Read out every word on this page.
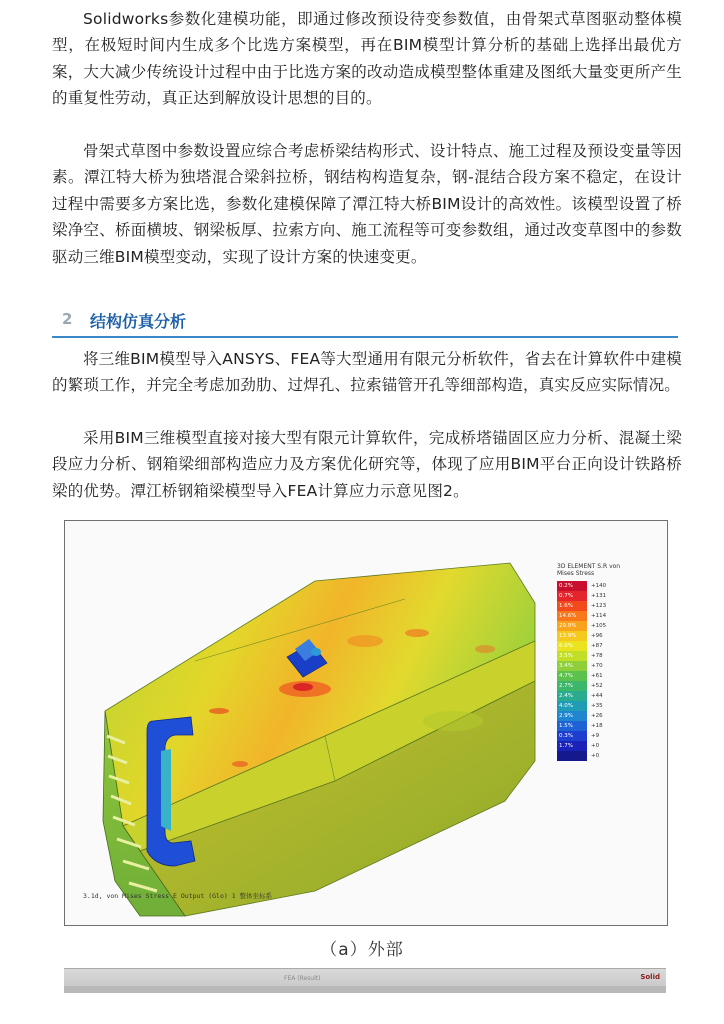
Solidworks参数化建模功能，即通过修改预设待变参数值，由骨架式草图驱动整体模型，在极短时间内生成多个比选方案模型，再在BIM模型计算分析的基础上选择出最优方案，大大减少传统设计过程中由于比选方案的改动造成模型整体重建及图纸大量变更所产生的重复性劳动，真正达到解放设计思想的目的。

骨架式草图中参数设置应综合考虑桥梁结构形式、设计特点、施工过程及预设变量等因素。潭江特大桥为独塔混合梁斜拉桥，钢结构构造复杂，钢-混结合段方案不稳定，在设计过程中需要多方案比选，参数化建模保障了潭江特大桥BIM设计的高效性。该模型设置了桥梁净空、桥面横坡、钢梁板厚、拉索方向、施工流程等可变参数组，通过改变草图中的参数驱动三维BIM模型变动，实现了设计方案的快速变更。

2 结构仿真分析

将三维BIM模型导入ANSYS、FEA等大型通用有限元分析软件，省去在计算软件中建模的繁琐工作，并完全考虑加劲肋、过焊孔、拉索锚管开孔等细部构造，真实反应实际情况。

采用BIM三维模型直接对接大型有限元计算软件，完成桥塔锚固区应力分析、混凝土梁段应力分析、钢箱梁细部构造应力及方案优化研究等，体现了应用BIM平台正向设计铁路桥梁的优势。潭江桥钢箱梁模型导入FEA计算应力示意见图2。

3D ELEMENT S.R von Mises Stress
0.2%	+140
0.7%	+131
1.6%	+123
14.6%	+114
29.9%	+105
13.9%	+96
6.0%	+87
3.5%	+78
3.4%	+70
4.7%	+61
2.7%	+52
2.4%	+44
4.0%	+35
2.9%	+26
1.5%	+18
0.3%	+9
1.7%	+0
+0
3.1d, von Mises Stress E Output (Glo) 1 整体坐标系
（a）外部
FEA (Result)	Solid
